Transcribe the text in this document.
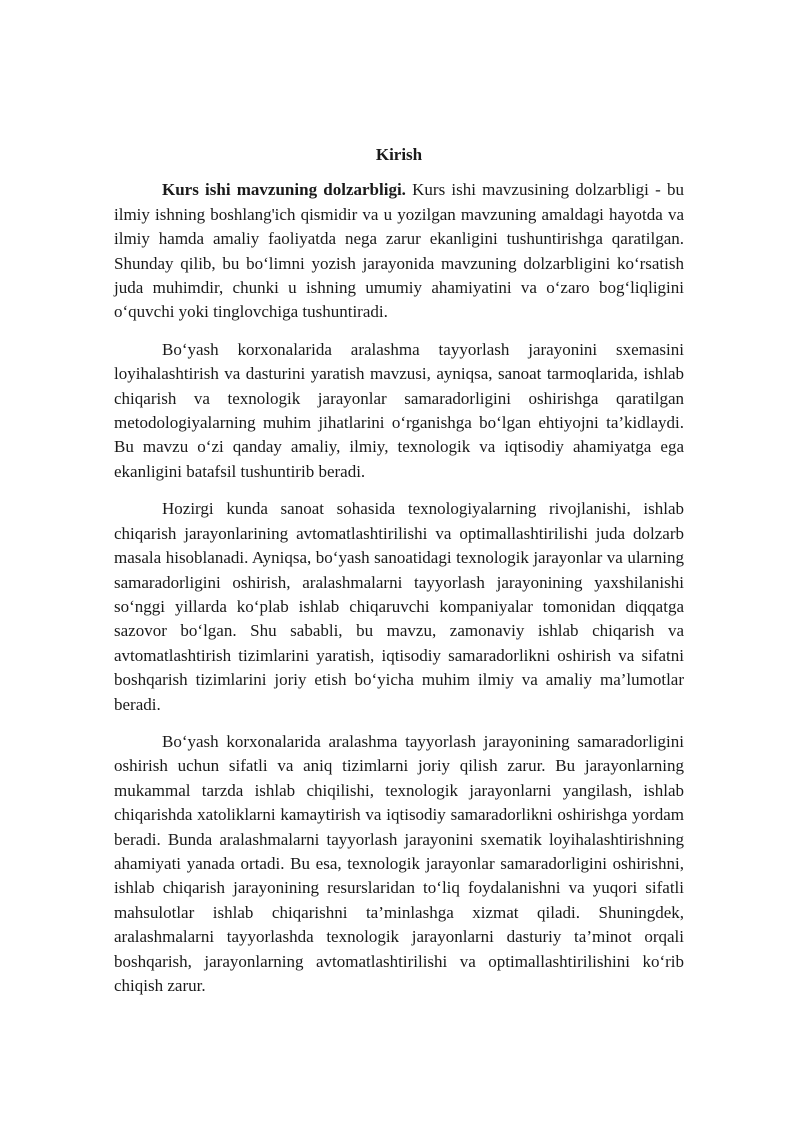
Kirish

Kurs ishi mavzuning dolzarbligi. Kurs ishi mavzusining dolzarbligi - bu ilmiy ishning boshlang'ich qismidir va u yozilgan mavzuning amaldagi hayotda va ilmiy hamda amaliy faoliyatda nega zarur ekanligini tushuntirishga qaratilgan. Shunday qilib, bu bo‘limni yozish jarayonida mavzuning dolzarbligini ko‘rsatish juda muhimdir, chunki u ishning umumiy ahamiyatini va o‘zaro bog‘liqligini o‘quvchi yoki tinglovchiga tushuntiradi.

Bo‘yash korxonalarida aralashma tayyorlash jarayonini sxemasini loyihalashtirish va dasturini yaratish mavzusi, ayniqsa, sanoat tarmoqlarida, ishlab chiqarish va texnologik jarayonlar samaradorligini oshirishga qaratilgan metodologiyalarning muhim jihatlarini o‘rganishga bo‘lgan ehtiyojni ta’kidlaydi. Bu mavzu o‘zi qanday amaliy, ilmiy, texnologik va iqtisodiy ahamiyatga ega ekanligini batafsil tushuntirib beradi.

Hozirgi kunda sanoat sohasida texnologiyalarning rivojlanishi, ishlab chiqarish jarayonlarining avtomatlashtirilishi va optimallashtirilishi juda dolzarb masala hisoblanadi. Ayniqsa, bo‘yash sanoatidagi texnologik jarayonlar va ularning samaradorligini oshirish, aralashmalarni tayyorlash jarayonining yaxshilanishi so‘nggi yillarda ko‘plab ishlab chiqaruvchi kompaniyalar tomonidan diqqatga sazovor bo‘lgan. Shu sababli, bu mavzu, zamonaviy ishlab chiqarish va avtomatlashtirish tizimlarini yaratish, iqtisodiy samaradorlikni oshirish va sifatni boshqarish tizimlarini joriy etish bo‘yicha muhim ilmiy va amaliy ma’lumotlar beradi.

Bo‘yash korxonalarida aralashma tayyorlash jarayonining samaradorligini oshirish uchun sifatli va aniq tizimlarni joriy qilish zarur. Bu jarayonlarning mukammal tarzda ishlab chiqilishi, texnologik jarayonlarni yangilash, ishlab chiqarishda xatoliklarni kamaytirish va iqtisodiy samaradorlikni oshirishga yordam beradi. Bunda aralashmalarni tayyorlash jarayonini sxematik loyihalashtirishning ahamiyati yanada ortadi. Bu esa, texnologik jarayonlar samaradorligini oshirishni, ishlab chiqarish jarayonining resurslaridan to‘liq foydalanishni va yuqori sifatli mahsulotlar ishlab chiqarishni ta’minlashga xizmat qiladi. Shuningdek, aralashmalarni tayyorlashda texnologik jarayonlarni dasturiy ta’minot orqali boshqarish, jarayonlarning avtomatlashtirilishi va optimallashtirilishini ko‘rib chiqish zarur.
